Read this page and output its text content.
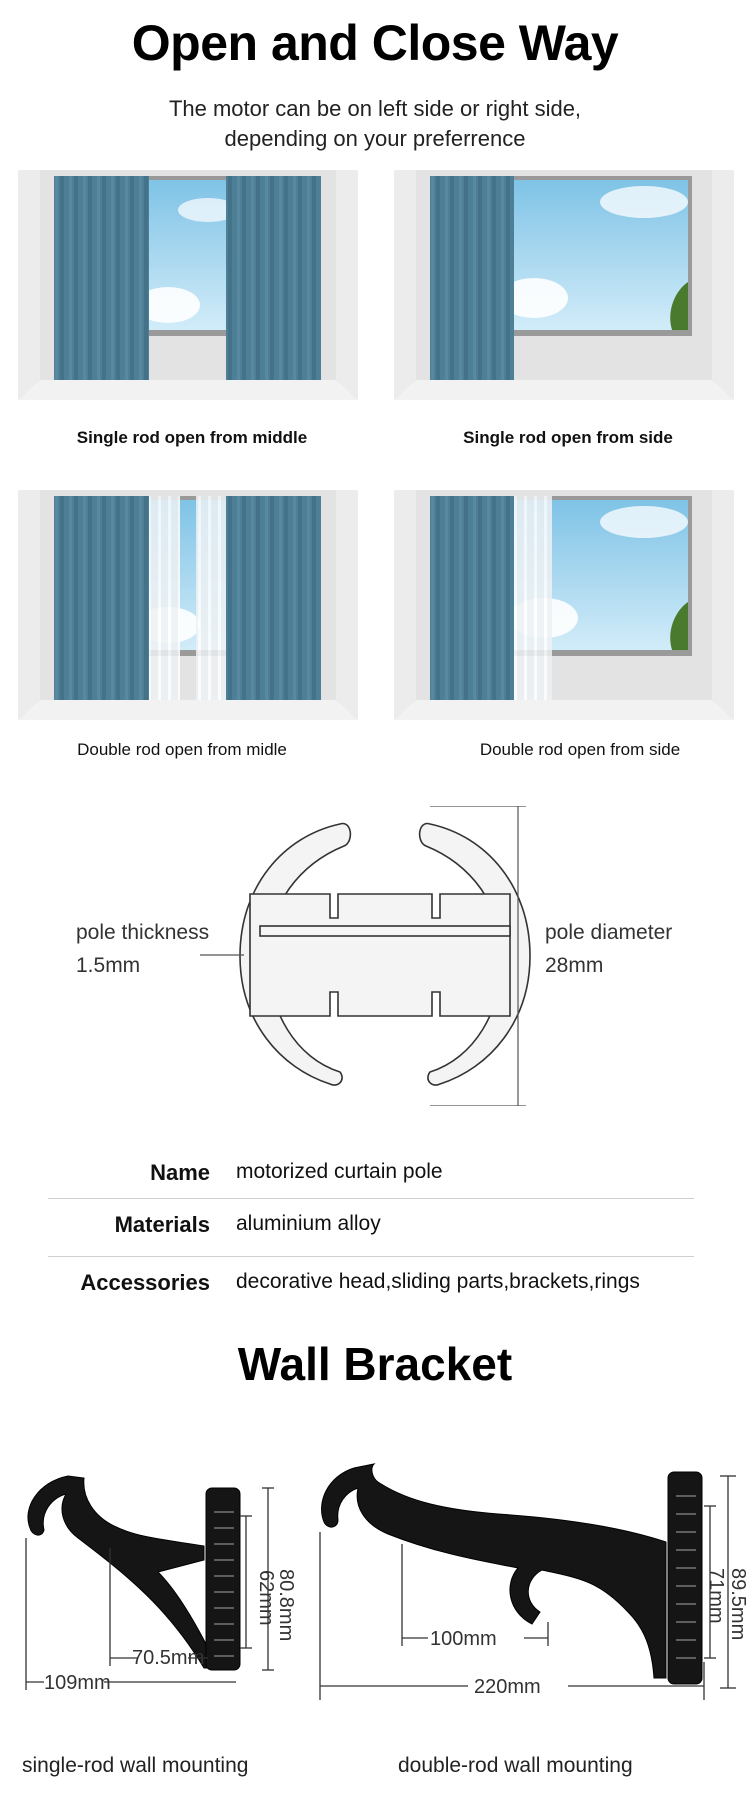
Open and Close Way
The motor can be on left side or right side,
depending on your preferrence
Single rod open from middle	Single rod open from side
Double rod open from midle	Double rod open from side
pole thickness
1.5mm
pole diameter
28mm
Name motorized curtain pole
Materials aluminium alloy
Accessories decorative head,sliding parts,brackets,rings
Wall Bracket
80.8mm
62mm
70.5mm
109mm
89.5mm
71mm
100mm
220mm
single-rod wall mounting	double-rod wall mounting
